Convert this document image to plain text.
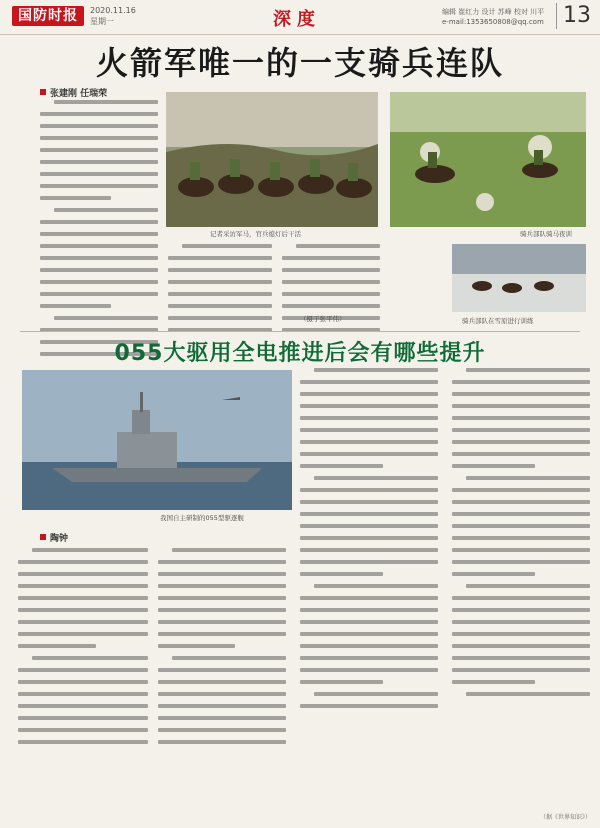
国防时报	2020.11.16
星期一	深度	编辑 崔红力 设计 苏峰 校对 川平
e-mail:1353650808@qq.com 13
火箭军唯一的一支骑兵连队
张建刚 任瑞荣
记者采访军马，官兵熄灯后干活	骑兵部队骑马夜训
（摄于张平伟）	骑兵部队在雪原进行训练
055大驱用全电推进后会有哪些提升
我国自主研制的055型驱逐舰
陶钟
（据《世界知识》）
